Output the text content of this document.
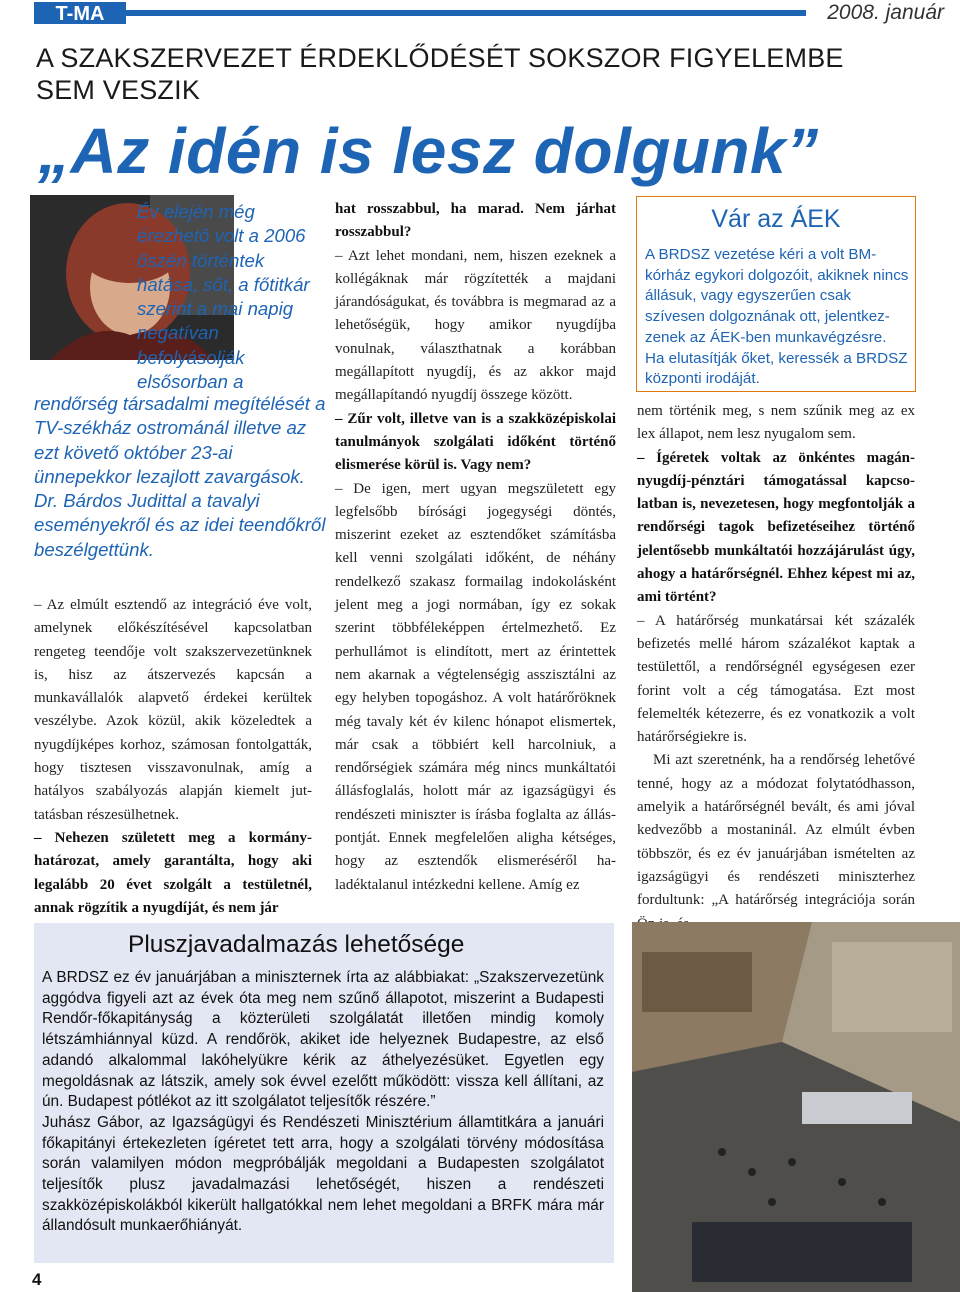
T-MA	2008. január
A SZAKSZERVEZET ÉRDEKLŐDÉSÉT SOKSZOR FIGYELEMBE SEM VESZIK
„Az idén is lesz dolgunk”
Év elején még érezhető volt a 2006 őszén történtek hatása, sőt, a főtitkár szerint a mai napig negatívan befolyásolják elsősorban a
rendőrség társadalmi megítélését a TV-székház ostrománál illetve az ezt követő október 23-ai ünnepekkor lezajlott zavargások. Dr. Bárdos Judittal a tavalyi eseményekről és az idei teendőkről beszélgettünk.

– Az elmúlt esztendő az integráció éve volt, amelynek előkészítésével kapcsolatban rengeteg teendője volt szakszervezetünknek is, hisz az átszervezés kapcsán a munkavállalók alapvető érdekei kerültek veszélybe. Azok közül, akik közeledtek a nyugdíjképes korhoz, számosan fontolgatták, hogy tisztesen visszavonulnak, amíg a hatályos szabályozás alapján kiemelt juttatásban részesülhetnek.

– Nehezen született meg a kormányhatározat, amely garantálta, hogy aki legalább 20 évet szolgált a testületnél, annak rögzítik a nyugdíját, és nem jár

hat rosszabbul, ha marad. Nem járhat rosszabbul?

– Azt lehet mondani, nem, hiszen ezeknek a kollégáknak már rögzítették a majdani járandóságukat, és továbbra is megmarad az a lehetőségük, hogy amikor nyugdíjba vonulnak, választhatnak a korábban megállapított nyugdíj, és az akkor majd megállapítandó nyugdíj összege között.

– Zűr volt, illetve van is a szakközépiskolai tanulmányok szolgálati időként történő elismerése körül is. Vagy nem?

– De igen, mert ugyan megszületett egy legfelsőbb bírósági jogegységi döntés, miszerint ezeket az esztendőket számításba kell venni szolgálati időként, de néhány rendelkező szakasz formailag indokolásként jelent meg a jogi normában, így ez sokak szerint többféleképpen értelmezhető. Ez perhullámot is elindított, mert az érintettek nem akarnak a végtelenségig asszisztálni az egy helyben topogáshoz. A volt határőröknek még tavaly két év kilenc hónapot elismertek, már csak a többiért kell harcolniuk, a rendőrségiek számára még nincs munkáltatói állásfoglalás, holott már az igazságügyi és rendészeti miniszter is írásba foglalta az álláspontját. Ennek megfelelően aligha kétséges, hogy az esztendők elismeréséről haladéktalanul intézkedni kellene. Amíg ez

Vár az ÁEK
A BRDSZ vezetése kéri a volt BM-kórház egykori dolgozóit, akiknek nincs állásuk, vagy egyszerűen csak szívesen dolgoznának ott, jelentkezzenek az ÁEK-ben munkavégzésre. Ha elutasítják őket, keressék a BRDSZ központi irodáját.

nem történik meg, s nem szűnik meg az ex lex állapot, nem lesz nyugalom sem.

– Ígéretek voltak az önkéntes magánnyugdíj-pénztári támogatással kapcsolatban is, nevezetesen, hogy megfontolják a rendőrségi tagok befizetéseihez történő jelentősebb munkáltatói hozzájárulást úgy, ahogy a határőrségnél. Ehhez képest mi az, ami történt?

– A határőrség munkatársai két százalék befizetés mellé három százalékot kaptak a testülettől, a rendőrségnél egységesen ezer forint volt a cég támogatása. Ezt most felemelték kétezerre, és ez vonatkozik a volt határőrségiekre is.

Mi azt szeretnénk, ha a rendőrség lehetővé tenné, hogy az a módozat folytatódhasson, amelyik a határőrségnél bevált, és ami jóval kedvezőbb a mostaninál. Az elmúlt évben többször, és ez év januárjában ismételten az igazságügyi és rendészeti miniszterhez fordultunk: „A határőrség integrációja során

Pluszjavadalmazás lehetősége

A BRDSZ ez év januárjában a miniszternek írta az alábbiakat: „Szakszervezetünk aggódva figyeli azt az évek óta meg nem szűnő állapotot, miszerint a Budapesti Rendőr-főkapitányság a közterületi szolgálatát illetően mindig komoly létszámhiánnyal küzd. A rendőrök, akiket ide helyeznek Budapestre, az első adandó alkalommal lakóhelyükre kérik az áthelyezésüket. Egyetlen egy megoldásnak az látszik, amely sok évvel ezelőtt működött: vissza kell állítani, az ún. Budapest pótlékot az itt szolgálatot teljesítők részére.”

Juhász Gábor, az Igazságügyi és Rendészeti Minisztérium államtitkára a januári főkapitányi értekezleten ígéretet tett arra, hogy a szolgálati törvény módosítása során valamilyen módon megpróbálják megoldani a Budapesten szolgálatot teljesítők plusz javadalmazási lehetőségét, hiszen a rendészeti szakközépiskolákból kikerült hallgatókkal nem lehet megoldani a BRFK mára már állandósult munkaerőhiányát.

4
